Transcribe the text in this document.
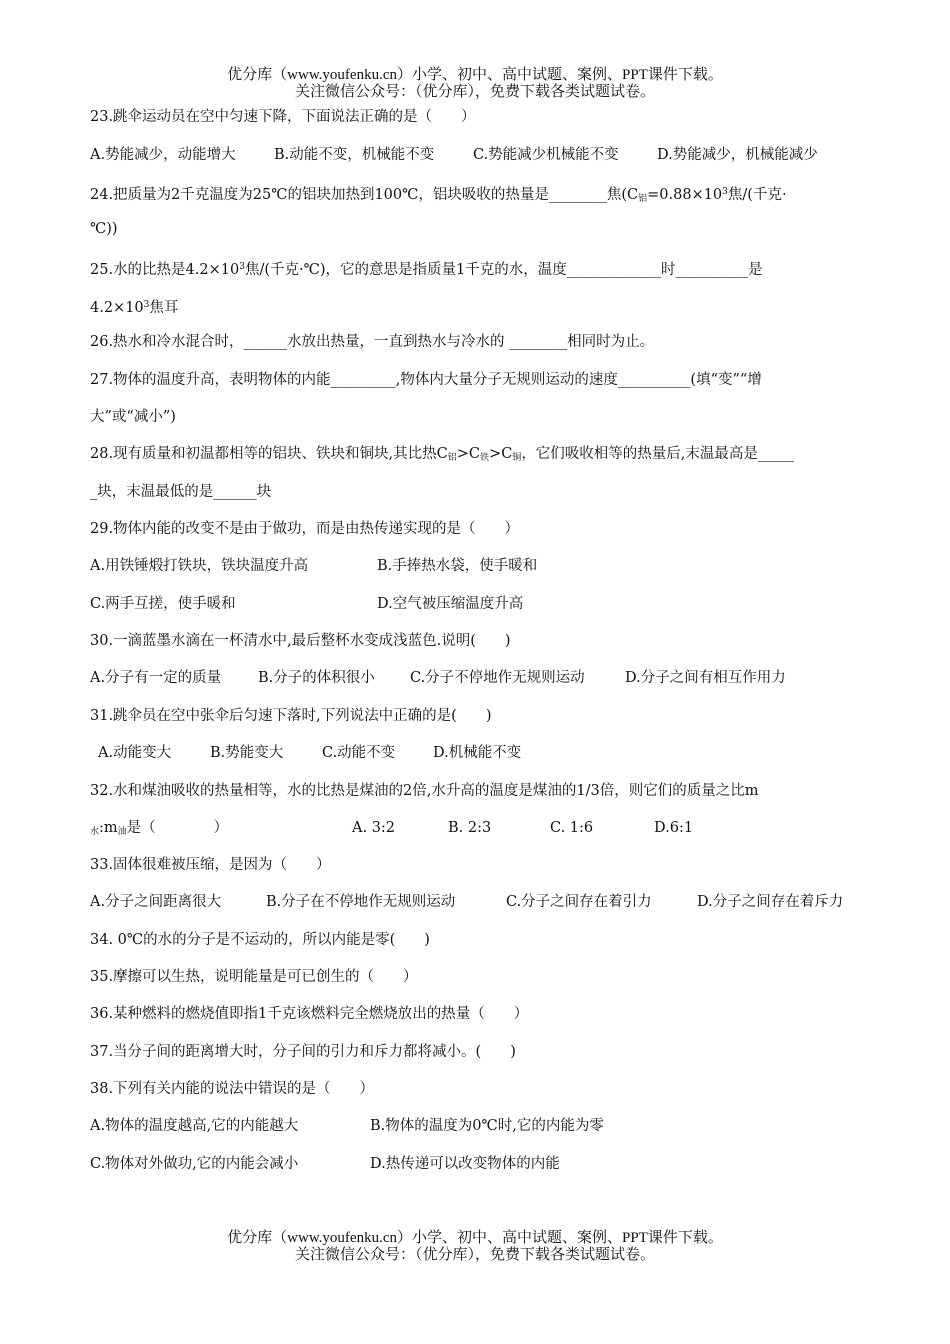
优分库（www.youfenku.cn）小学、初中、高中试题、案例、PPT课件下载。
关注微信公众号：（优分库），免费下载各类试题试卷。
23.跳伞运动员在空中匀速下降，下面说法正确的是（　　）
A.势能减少，动能增大	B.动能不变，机械能不变	C.势能减少机械能不变	D.势能减少，机械能减少
24.把质量为2千克温度为25℃的铝块加热到100℃，铝块吸收的热量是________焦($C_铝=0.88\times 10^3$焦/(千克·
℃))
25.水的比热是$4.2\times 10^3$焦/(千克·℃)，它的意思是指质量1千克的水，温度_____________时__________是
$4.2\times 10^3$焦耳
26.热水和冷水混合时，______水放出热量，一直到热水与冷水的 ________相同时为止。
27.物体的温度升高，表明物体的内能_________,物体内大量分子无规则运动的速度__________(填“变”“增
大”或“减小”)
28.现有质量和初温都相等的铝块、铁块和铜块,其比热$C_铝>C_铁>C_铜$，它们吸收相等的热量后,末温最高是_____
_块，末温最低的是______块
29.物体内能的改变不是由于做功，而是由热传递实现的是（　　）
A.用铁锤煅打铁块，铁块温度升高	B.手捧热水袋，使手暖和
C.两手互搓，使手暖和	D.空气被压缩温度升高
30.一滴蓝墨水滴在一杯清水中,最后整杯水变成浅蓝色.说明(　　)
A.分子有一定的质量	B.分子的体积很小 C.分子不停地作无规则运动	D.分子之间有相互作用力
31.跳伞员在空中张伞后匀速下落时,下列说法中正确的是(　　)
A.动能变大	B.势能变大	C.动能不变	D.机械能不变
32.水和煤油吸收的热量相等，水的比热是煤油的2倍,水升高的温度是煤油的1/3倍，则它们的质量之比m
$_水:m_油$是（　　　　）	A. 3:2	B. 2:3	C. 1:6	D.6:1
33.固体很难被压缩，是因为（　　）
A.分子之间距离很大	B.分子在不停地作无规则运动	C.分子之间存在着引力	D.分子之间存在着斥力
34. 0℃的水的分子是不运动的，所以内能是零(　　)
35.摩擦可以生热，说明能量是可已创生的（　　）
36.某种燃料的燃烧值即指1千克该燃料完全燃烧放出的热量（　　）
37.当分子间的距离增大时，分子间的引力和斥力都将减小。(　　)
38.下列有关内能的说法中错误的是（　　）
A.物体的温度越高,它的内能越大	B.物体的温度为0℃时,它的内能为零
C.物体对外做功,它的内能会减小	D.热传递可以改变物体的内能
优分库（www.youfenku.cn）小学、初中、高中试题、案例、PPT课件下载。
关注微信公众号：（优分库），免费下载各类试题试卷。
